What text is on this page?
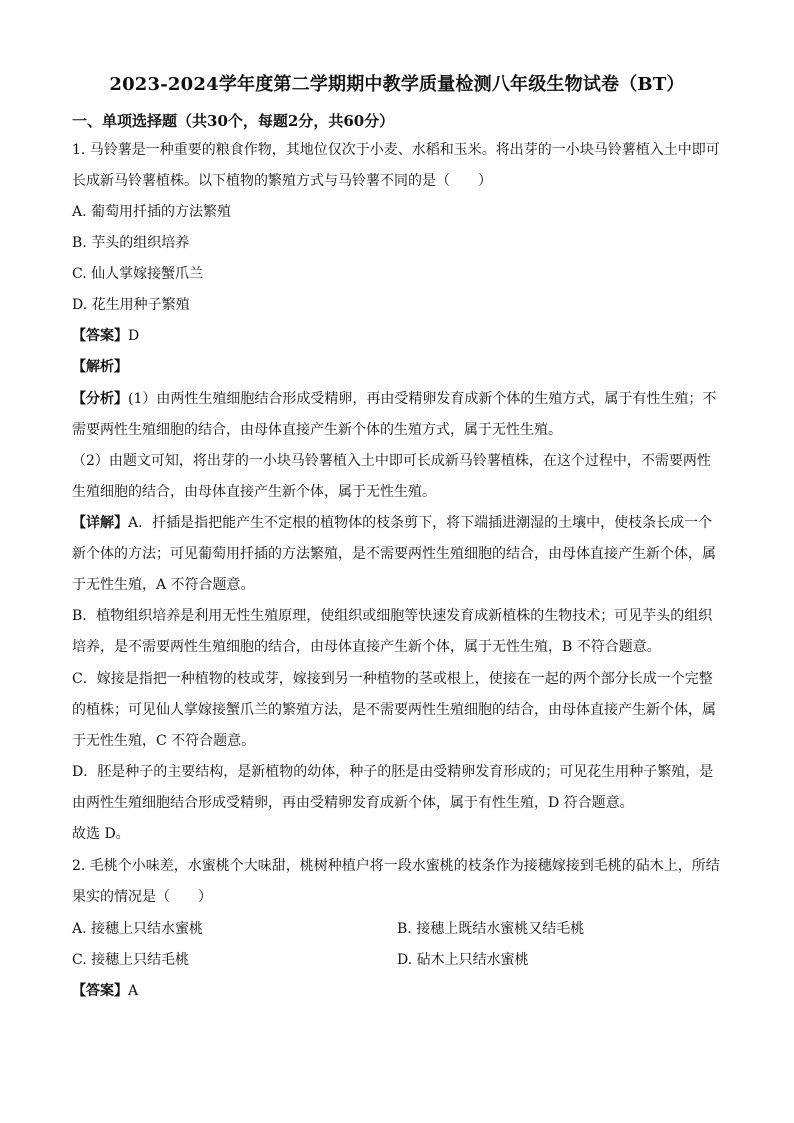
2023-2024学年度第二学期期中教学质量检测八年级生物试卷（BT）
一、单项选择题（共30个，每题2分，共60分）
1. 马铃薯是一种重要的粮食作物，其地位仅次于小麦、水稻和玉米。将出芽的一小块马铃薯植入土中即可
长成新马铃薯植株。以下植物的繁殖方式与马铃薯不同的是（　　）
A. 葡萄用扦插的方法繁殖
B. 芋头的组织培养
C. 仙人掌嫁接蟹爪兰
D. 花生用种子繁殖
【答案】D
【解析】
【分析】(1）由两性生殖细胞结合形成受精卵，再由受精卵发育成新个体的生殖方式，属于有性生殖；不
需要两性生殖细胞的结合，由母体直接产生新个体的生殖方式，属于无性生殖。
（2）由题文可知，将出芽的一小块马铃薯植入土中即可长成新马铃薯植株，在这个过程中，不需要两性
生殖细胞的结合，由母体直接产生新个体，属于无性生殖。
【详解】A．扦插是指把能产生不定根的植物体的枝条剪下，将下端插进潮湿的土壤中，使枝条长成一个
新个体的方法；可见葡萄用扦插的方法繁殖，是不需要两性生殖细胞的结合，由母体直接产生新个体，属
于无性生殖，A 不符合题意。
B．植物组织培养是利用无性生殖原理，使组织或细胞等快速发育成新植株的生物技术；可见芋头的组织
培养，是不需要两性生殖细胞的结合，由母体直接产生新个体，属于无性生殖，B 不符合题意。
C．嫁接是指把一种植物的枝或芽，嫁接到另一种植物的茎或根上，使接在一起的两个部分长成一个完整
的植株；可见仙人掌嫁接蟹爪兰的繁殖方法，是不需要两性生殖细胞的结合，由母体直接产生新个体，属
于无性生殖，C 不符合题意。
D．胚是种子的主要结构，是新植物的幼体，种子的胚是由受精卵发育形成的；可见花生用种子繁殖，是
由两性生殖细胞结合形成受精卵，再由受精卵发育成新个体，属于有性生殖，D 符合题意。
故选 D。
2. 毛桃个小味差，水蜜桃个大味甜，桃树种植户将一段水蜜桃的枝条作为接穗嫁接到毛桃的砧木上，所结
果实的情况是（　　）
A. 接穗上只结水蜜桃	B. 接穗上既结水蜜桃又结毛桃
C. 接穗上只结毛桃	D. 砧木上只结水蜜桃
【答案】A
